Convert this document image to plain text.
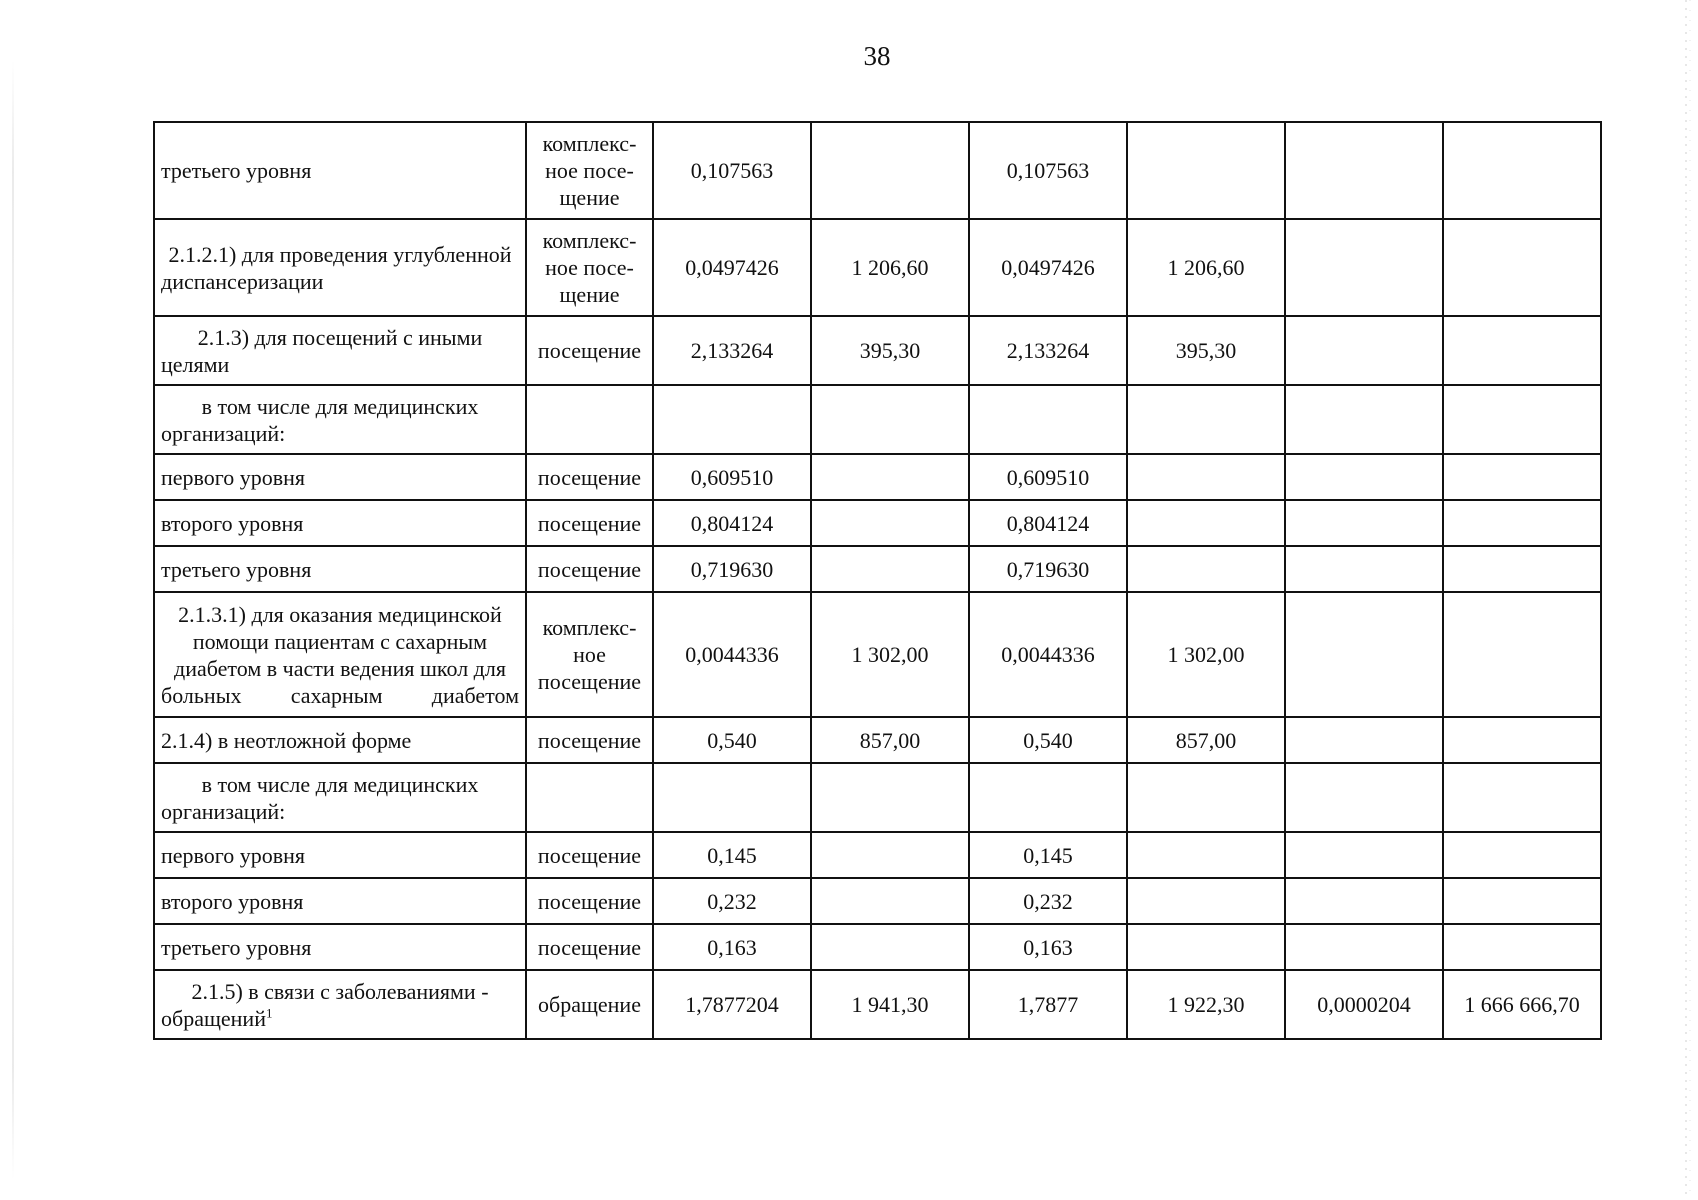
38
третьего уровня	комплекс-
ное посе-
щение	0,107563		0,107563			
2.1.2.1) для проведения углубленной диспансеризации	комплекс-
ное посе-
щение	0,0497426	1 206,60	0,0497426	1 206,60		
2.1.3) для посещений с иными целями	посещение	2,133264	395,30	2,133264	395,30		
в том числе для медицинских организаций:							
первого уровня	посещение	0,609510		0,609510			
второго уровня	посещение	0,804124		0,804124			
третьего уровня	посещение	0,719630		0,719630			
2.1.3.1) для оказания медицинской помощи пациентам с сахарным диабетом в части ведения школ для больных сахарным диабетом	комплекс-
ное
посещение	0,0044336	1 302,00	0,0044336	1 302,00		
2.1.4) в неотложной форме	посещение	0,540	857,00	0,540	857,00		
в том числе для медицинских организаций:							
первого уровня	посещение	0,145		0,145			
второго уровня	посещение	0,232		0,232			
третьего уровня	посещение	0,163		0,163			
2.1.5) в связи с заболеваниями - обращений$^1$	обращение	1,7877204	1 941,30	1,7877	1 922,30	0,0000204	1 666 666,70
